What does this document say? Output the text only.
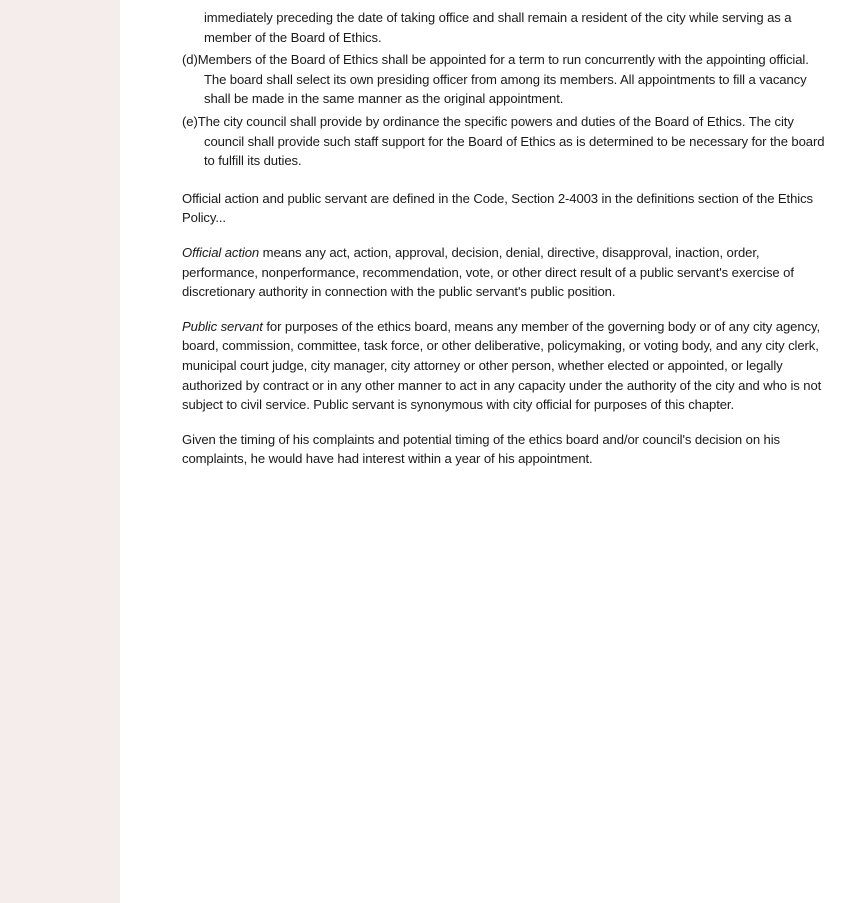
immediately preceding the date of taking office and shall remain a resident of the city while serving as a member of the Board of Ethics.

(d)Members of the Board of Ethics shall be appointed for a term to run concurrently with the appointing official. The board shall select its own presiding officer from among its members. All appointments to fill a vacancy shall be made in the same manner as the original appointment.

(e)The city council shall provide by ordinance the specific powers and duties of the Board of Ethics. The city council shall provide such staff support for the Board of Ethics as is determined to be necessary for the board to fulfill its duties.

Official action and public servant are defined in the Code, Section 2-4003 in the definitions section of the Ethics Policy...

Official action means any act, action, approval, decision, denial, directive, disapproval, inaction, order, performance, nonperformance, recommendation, vote, or other direct result of a public servant's exercise of discretionary authority in connection with the public servant's public position.

Public servant for purposes of the ethics board, means any member of the governing body or of any city agency, board, commission, committee, task force, or other deliberative, policymaking, or voting body, and any city clerk, municipal court judge, city manager, city attorney or other person, whether elected or appointed, or legally authorized by contract or in any other manner to act in any capacity under the authority of the city and who is not subject to civil service. Public servant is synonymous with city official for purposes of this chapter.

Given the timing of his complaints and potential timing of the ethics board and/or council's decision on his complaints, he would have had interest within a year of his appointment.
